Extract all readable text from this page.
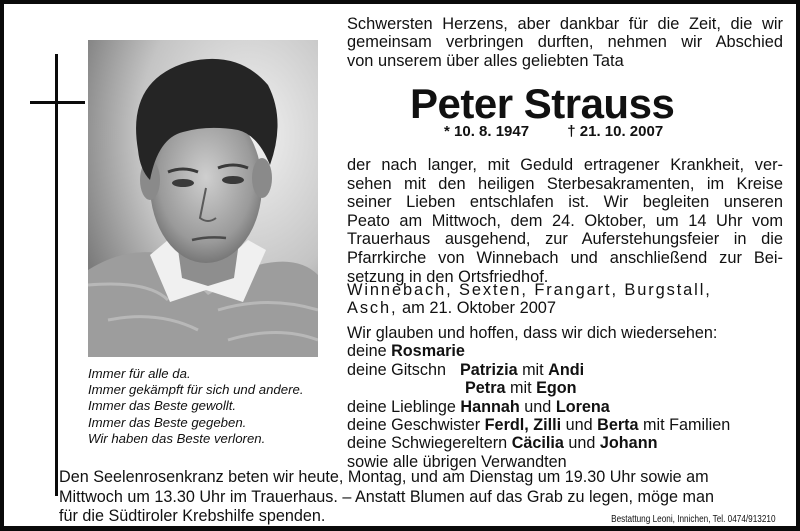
Immer für alle da.
Immer gekämpft für sich und andere.
Immer das Beste gewollt.
Immer das Beste gegeben.
Wir haben das Beste verloren.
Schwersten Herzens, aber dankbar für die Zeit, die wir
gemeinsam verbringen durften, nehmen wir Abschied
von unserem über alles geliebten Tata
Peter Strauss
* 10. 8. 1947	† 21. 10. 2007
der nach langer, mit Geduld ertragener Krankheit, ver-
sehen mit den heiligen Sterbesakramenten, im Kreise
seiner Lieben entschlafen ist. Wir begleiten unseren
Peato am Mittwoch, dem 24. Oktober, um 14 Uhr vom
Trauerhaus ausgehend, zur Auferstehungsfeier in die
Pfarrkirche von Winnebach und anschließend zur Bei-
setzung in den Ortsfriedhof.
Winnebach, Sexten, Frangart, Burgstall,
Asch, am 21. Oktober 2007
Wir glauben und hoffen, dass wir dich wiedersehen:
deine Rosmarie
deine Gitschn Patrizia mit Andi
Petra mit Egon
deine Lieblinge Hannah und Lorena
deine Geschwister Ferdl, Zilli und Berta mit Familien
deine Schwiegereltern Cäcilia und Johann
sowie alle übrigen Verwandten
Den Seelenrosenkranz beten wir heute, Montag, und am Dienstag um 19.30 Uhr sowie am
Mittwoch um 13.30 Uhr im Trauerhaus. – Anstatt Blumen auf das Grab zu legen, möge man
für die Südtiroler Krebshilfe spenden.	Bestattung Leoni, Innichen, Tel. 0474/913210
